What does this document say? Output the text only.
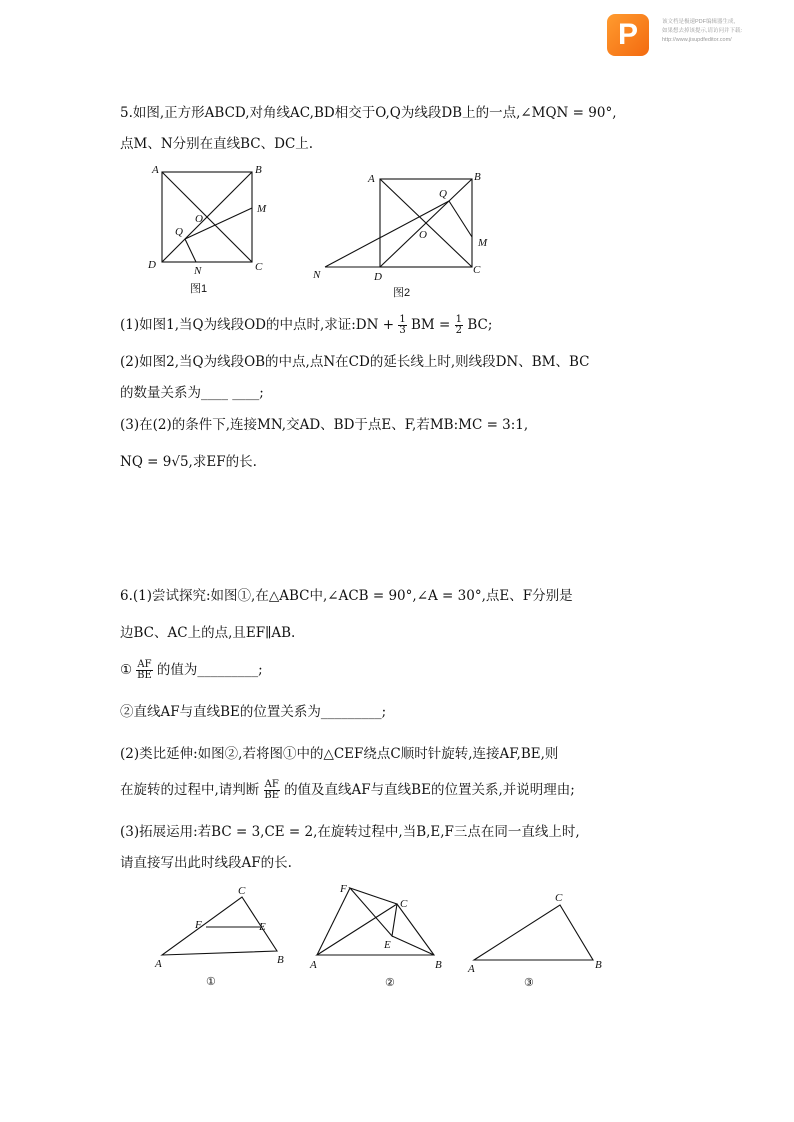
P	该文档是极速PDF编辑器生成,
如果想去掉该提示,请访问并下载:
http://www.jisupdfeditor.com/
5.如图,正方形ABCD,对角线AC,BD相交于O,Q为线段DB上的一点,∠MQN = 90°,
点M、N分别在直线BC、DC上.
A	B
D	C
M
N
O
Q
图1
A	B
D
C
M
N
O
Q
图2
(1)如图1,当Q为线段OD的中点时,求证:DN + $\frac{1}{3}$ BM = $\frac{1}{2}$ BC;
(2)如图2,当Q为线段OB的中点,点N在CD的延长线上时,则线段DN、BM、BC
的数量关系为____ ____;
(3)在(2)的条件下,连接MN,交AD、BD于点E、F,若MB:MC = 3:1,
NQ = 9√5,求EF的长.
6.(1)尝试探究:如图①,在△ABC中,∠ACB = 90°,∠A = 30°,点E、F分别是
边BC、AC上的点,且EF∥AB.
① $\frac{AF}{BE}$ 的值为_________;
②直线AF与直线BE的位置关系为_________;
(2)类比延伸:如图②,若将图①中的△CEF绕点C顺时针旋转,连接AF,BE,则
在旋转的过程中,请判断 $\frac{AF}{BE}$ 的值及直线AF与直线BE的位置关系,并说明理由;
(3)拓展运用:若BC = 3,CE = 2,在旋转过程中,当B,E,F三点在同一直线上时,
请直接写出此时线段AF的长.
A	B
C
F	E
①
A	B
C
F
E
②
A	B
C
③
